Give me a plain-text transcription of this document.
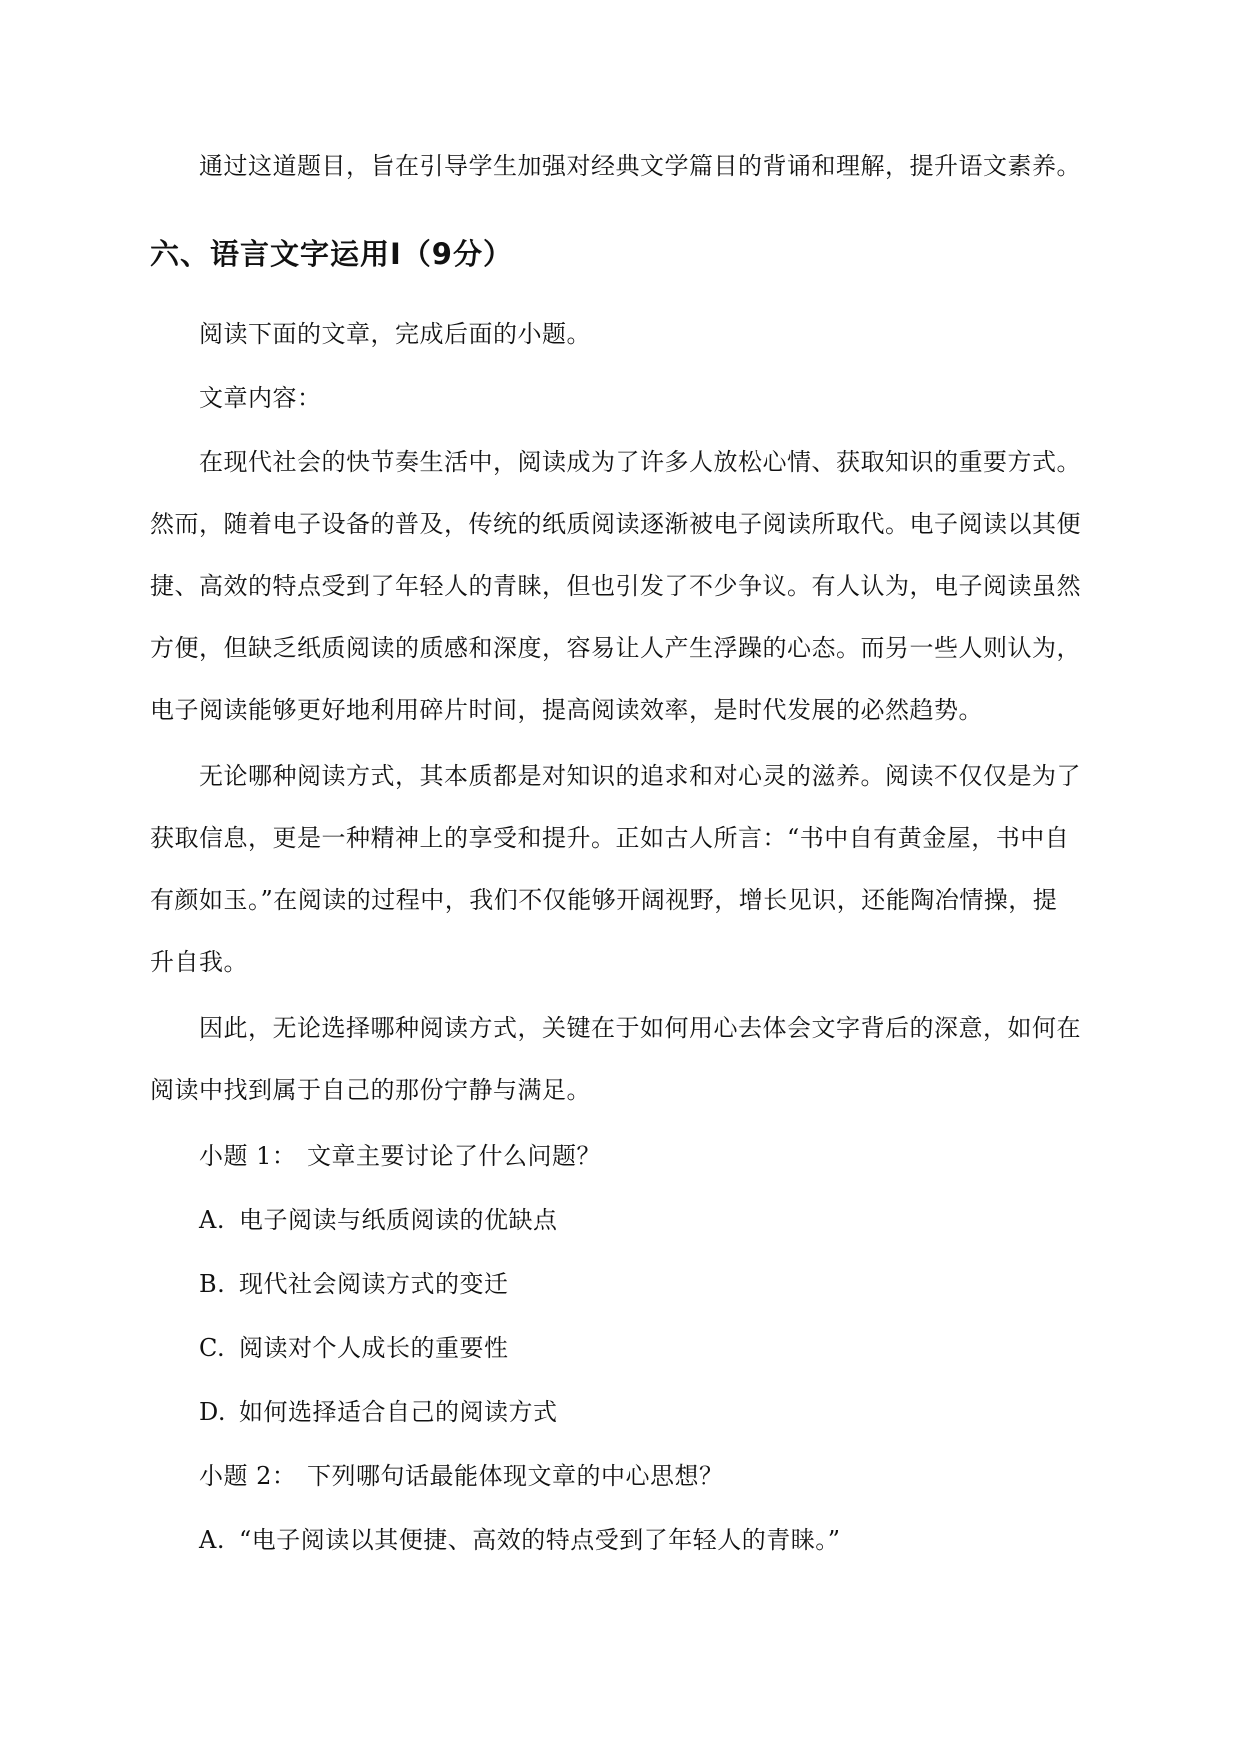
通过这道题目，旨在引导学生加强对经典文学篇目的背诵和理解，提升语文素养。
六、语言文字运用Ⅰ（9分）
阅读下面的文章，完成后面的小题。
文章内容：
在现代社会的快节奏生活中，阅读成为了许多人放松心情、获取知识的重要方式。
然而，随着电子设备的普及，传统的纸质阅读逐渐被电子阅读所取代。电子阅读以其便
捷、高效的特点受到了年轻人的青睐，但也引发了不少争议。有人认为，电子阅读虽然
方便，但缺乏纸质阅读的质感和深度，容易让人产生浮躁的心态。而另一些人则认为，
电子阅读能够更好地利用碎片时间，提高阅读效率，是时代发展的必然趋势。
无论哪种阅读方式，其本质都是对知识的追求和对心灵的滋养。阅读不仅仅是为了
获取信息，更是一种精神上的享受和提升。正如古人所言：“书中自有黄金屋，书中自
有颜如玉。”在阅读的过程中，我们不仅能够开阔视野，增长见识，还能陶冶情操，提
升自我。
因此，无论选择哪种阅读方式，关键在于如何用心去体会文字背后的深意，如何在
阅读中找到属于自己的那份宁静与满足。
小题 1： 文章主要讨论了什么问题？
A. 电子阅读与纸质阅读的优缺点
B. 现代社会阅读方式的变迁
C. 阅读对个人成长的重要性
D. 如何选择适合自己的阅读方式
小题 2： 下列哪句话最能体现文章的中心思想？
A. “电子阅读以其便捷、高效的特点受到了年轻人的青睐。”
